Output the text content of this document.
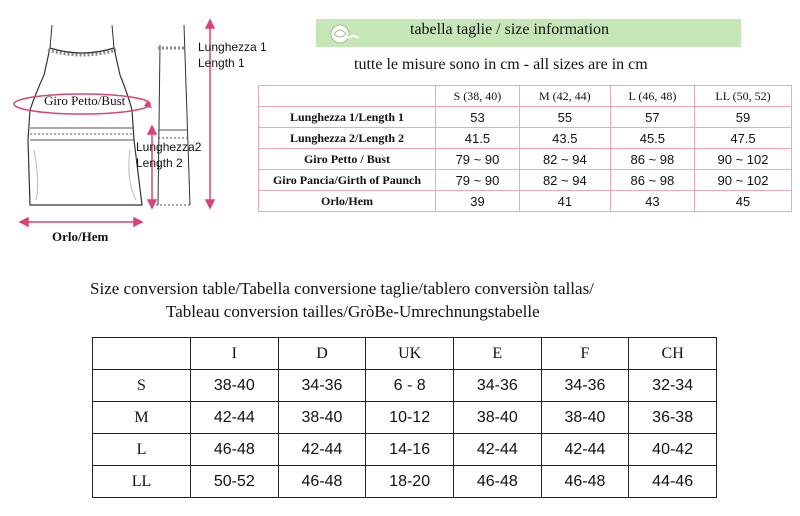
Lunghezza 1
Length 1
Giro Petto/Bust
Lunghezza2
Length 2
Orlo/Hem
tabella taglie / size information
tutte le misure sono in cm - all sizes are in cm
	S (38, 40)	M (42, 44)	L (46, 48)	LL (50, 52)
Lunghezza 1/Length 1	53	55	57	59
Lunghezza 2/Length 2	41.5	43.5	45.5	47.5
Giro Petto / Bust	79 ~ 90	82 ~ 94	86 ~ 98	90 ~ 102
Giro Pancia/Girth of Paunch	79 ~ 90	82 ~ 94	86 ~ 98	90 ~ 102
Orlo/Hem	39	41	43	45
Size conversion table/Tabella conversione taglie/tablero conversiòn tallas/
Tableau conversion tailles/GròBe-Umrechnungstabelle
	I	D	UK	E	F	CH
S	38-40	34-36	6 - 8	34-36	34-36	32-34
M	42-44	38-40	10-12	38-40	38-40	36-38
L	46-48	42-44	14-16	42-44	42-44	40-42
LL	50-52	46-48	18-20	46-48	46-48	44-46
